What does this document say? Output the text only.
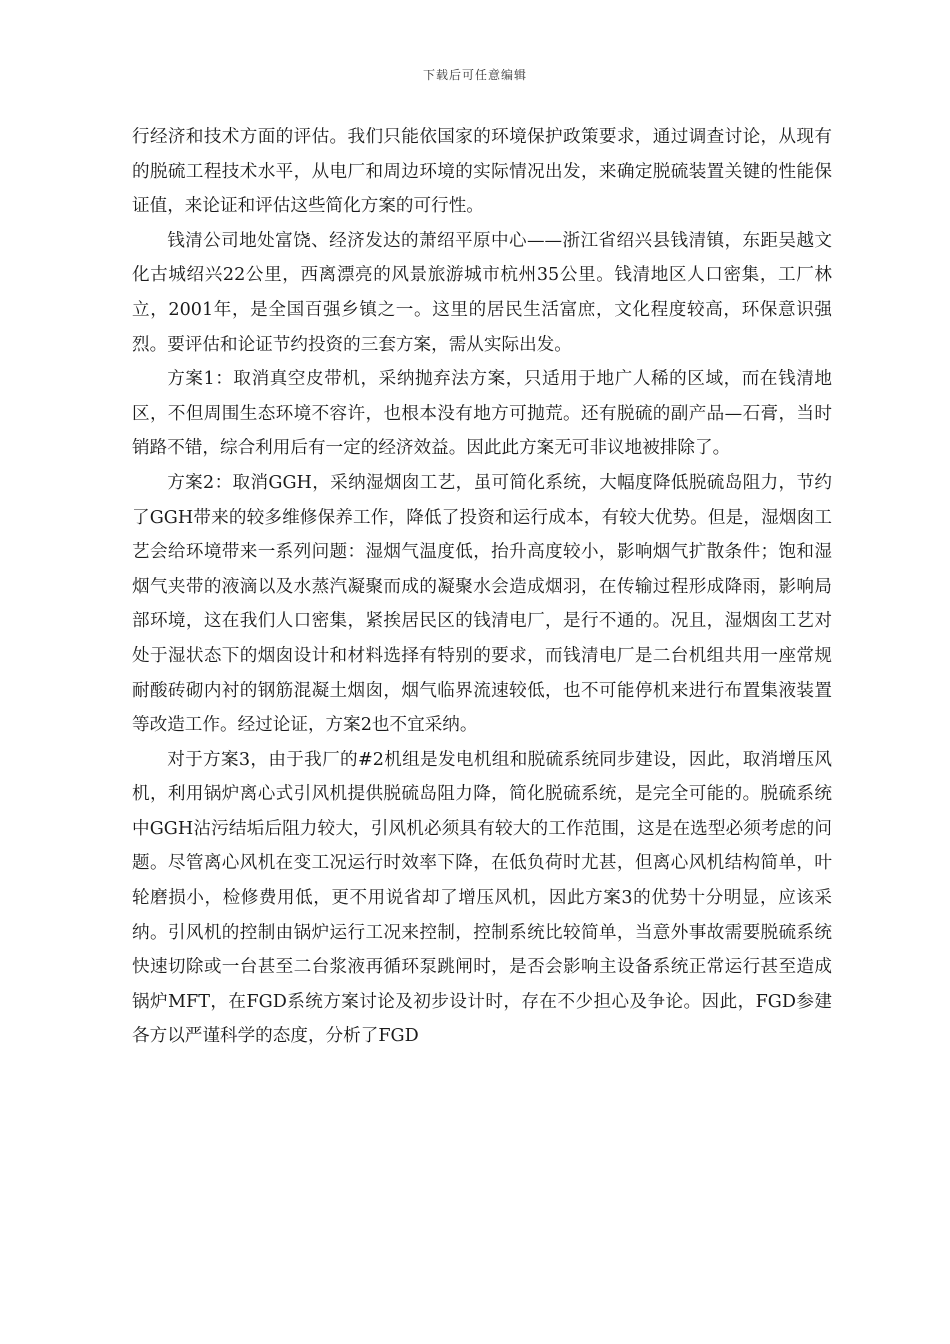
下载后可任意编辑

行经济和技术方面的评估。我们只能依国家的环境保护政策要求，通过调查讨论，从现有的脱硫工程技术水平，从电厂和周边环境的实际情况出发，来确定脱硫装置关键的性能保证值，来论证和评估这些简化方案的可行性。

钱清公司地处富饶、经济发达的萧绍平原中心——浙江省绍兴县钱清镇，东距吴越文化古城绍兴22公里，西离漂亮的风景旅游城市杭州35公里。钱清地区人口密集，工厂林立，2001年，是全国百强乡镇之一。这里的居民生活富庶，文化程度较高，环保意识强烈。要评估和论证节约投资的三套方案，需从实际出发。

方案1：取消真空皮带机，采纳抛弃法方案，只适用于地广人稀的区域，而在钱清地区，不但周围生态环境不容许，也根本没有地方可抛荒。还有脱硫的副产品—石膏，当时销路不错，综合利用后有一定的经济效益。因此此方案无可非议地被排除了。

方案2：取消GGH，采纳湿烟囱工艺，虽可简化系统，大幅度降低脱硫岛阻力，节约了GGH带来的较多维修保养工作，降低了投资和运行成本，有较大优势。但是，湿烟囱工艺会给环境带来一系列问题：湿烟气温度低，抬升高度较小，影响烟气扩散条件；饱和湿烟气夹带的液滴以及水蒸汽凝聚而成的凝聚水会造成烟羽，在传输过程形成降雨，影响局部环境，这在我们人口密集，紧挨居民区的钱清电厂，是行不通的。况且，湿烟囱工艺对处于湿状态下的烟囱设计和材料选择有特别的要求，而钱清电厂是二台机组共用一座常规耐酸砖砌内衬的钢筋混凝土烟囱，烟气临界流速较低，也不可能停机来进行布置集液装置等改造工作。经过论证，方案2也不宜采纳。

对于方案3，由于我厂的#2机组是发电机组和脱硫系统同步建设，因此，取消增压风机，利用锅炉离心式引风机提供脱硫岛阻力降，简化脱硫系统，是完全可能的。脱硫系统中GGH沾污结垢后阻力较大，引风机必须具有较大的工作范围，这是在选型必须考虑的问题。尽管离心风机在变工况运行时效率下降，在低负荷时尤甚，但离心风机结构简单，叶轮磨损小，检修费用低，更不用说省却了增压风机，因此方案3的优势十分明显，应该采纳。引风机的控制由锅炉运行工况来控制，控制系统比较简单，当意外事故需要脱硫系统快速切除或一台甚至二台浆液再循环泵跳闸时，是否会影响主设备系统正常运行甚至造成锅炉MFT，在FGD系统方案讨论及初步设计时，存在不少担心及争论。因此，FGD参建各方以严谨科学的态度，分析了FGD
